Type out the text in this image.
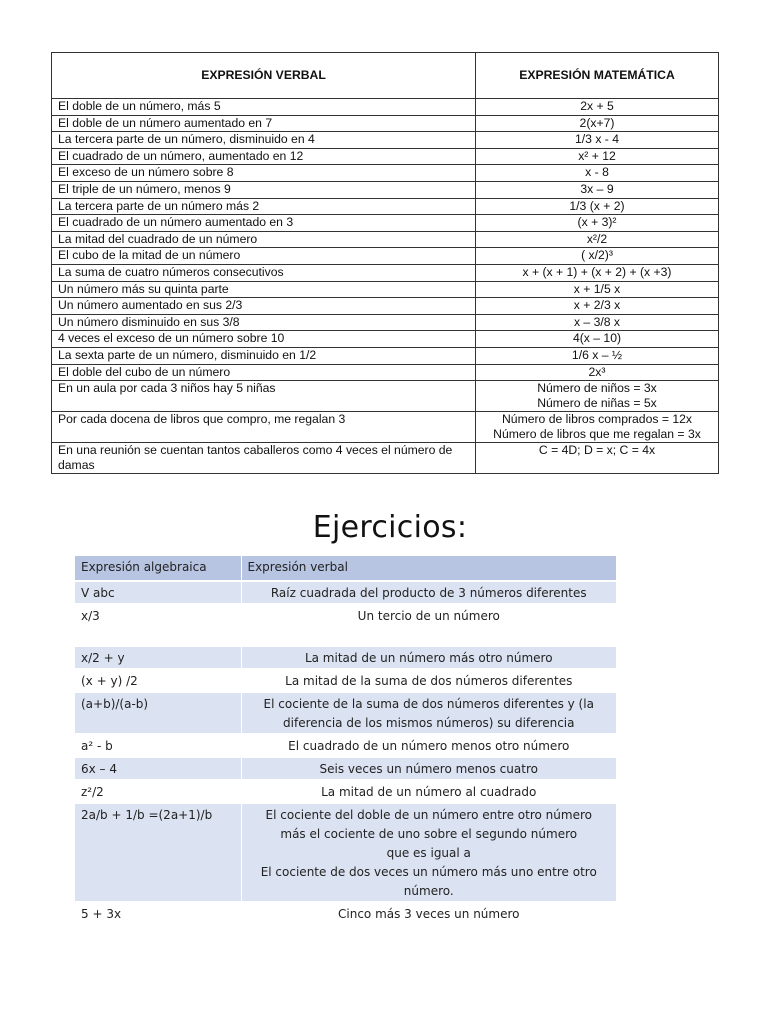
EXPRESIÓN VERBAL	EXPRESIÓN MATEMÁTICA
El doble de un número, más 5	2x + 5
El doble de un número aumentado en 7	2(x+7)
La tercera parte de un número, disminuido en 4	1/3 x - 4
El cuadrado de un número, aumentado en 12	x² + 12
El exceso de un número sobre 8	x - 8
El triple de un número, menos 9	3x – 9
La tercera parte de un número más 2	1/3 (x + 2)
El cuadrado de un número aumentado en 3	(x + 3)²
La mitad del cuadrado de un número	x²/2
El cubo de la mitad de un número	( x/2)³
La suma de cuatro números consecutivos	x + (x + 1) + (x + 2) + (x +3)
Un número más su quinta parte	x + 1/5 x
Un número aumentado en sus 2/3	x + 2/3 x
Un número disminuido en sus 3/8	x – 3/8 x
4 veces el exceso de un número sobre 10	4(x – 10)
La sexta parte de un número, disminuido en 1/2	1/6 x – ½
El doble del cubo de un número	2x³
En un aula por cada 3 niños hay 5 niñas	Número de niños = 3x
Número de niñas = 5x

Por cada docena de libros que compro, me regalan 3	Número de libros comprados = 12x
Número de libros que me regalan = 3x

En una reunión se cuentan tantos caballeros como 4 veces el número de damas	C = 4D; D = x; C = 4x
Ejercicios:
Expresión algebraica	Expresión verbal
V abc	Raíz cuadrada del producto de 3 números diferentes

x/3	Un tercio de un número

x/2 + y	La mitad de un número más otro número

(x + y) /2	La mitad de la suma de dos números diferentes

(a+b)/(a-b)	El cociente de la suma de dos números diferentes y (la
diferencia de los mismos números) su diferencia

a² - b	El cuadrado de un número menos otro número

6x – 4	Seis veces un número menos cuatro

z²/2	La mitad de un número al cuadrado

2a/b + 1/b =(2a+1)/b	El cociente del doble de un número entre otro número
más el cociente de uno sobre el segundo número
que es igual a
El cociente de dos veces un número más uno entre otro
número.

5 + 3x	Cinco más 3 veces un número
